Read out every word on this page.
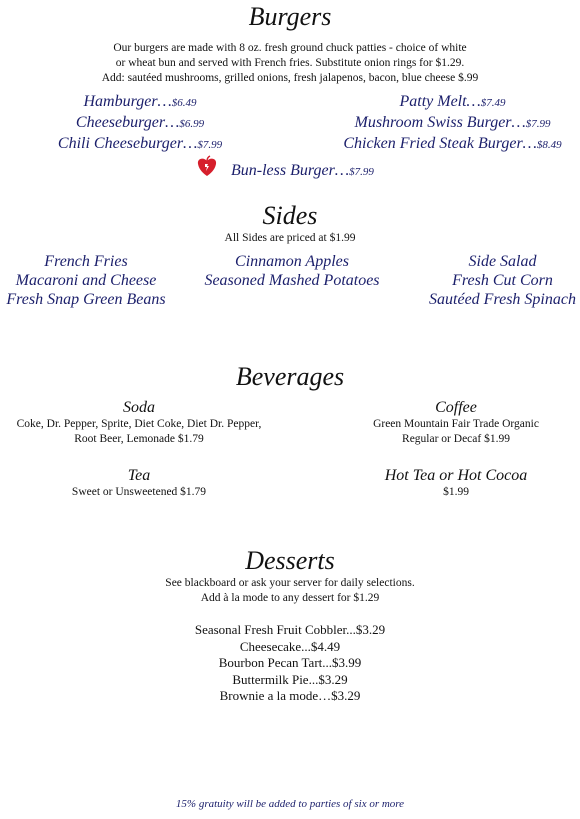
Burgers
Our burgers are made with 8 oz. fresh ground chuck patties - choice of white
or wheat bun and served with French fries. Substitute onion rings for $1.29.
Add: sautéed mushrooms, grilled onions, fresh jalapenos, bacon, blue cheese $.99
Hamburger…$6.49
Cheeseburger…$6.99
Chili Cheeseburger…$7.99
Patty Melt…$7.49
Mushroom Swiss Burger…$7.99
Chicken Fried Steak Burger…$8.49
Bun-less Burger…$7.99
Sides
All Sides are priced at $1.99
French Fries
Macaroni and Cheese
Fresh Snap Green Beans
Cinnamon Apples
Seasoned Mashed Potatoes
Side Salad
Fresh Cut Corn
Sautéed Fresh Spinach
Beverages
Soda
Coke, Dr. Pepper, Sprite, Diet Coke, Diet Dr. Pepper,
Root Beer, Lemonade $1.79
Coffee
Green Mountain Fair Trade Organic
Regular or Decaf $1.99
Tea
Sweet or Unsweetened $1.79
Hot Tea or Hot Cocoa
$1.99
Desserts
See blackboard or ask your server for daily selections.
Add à la mode to any dessert for $1.29
Seasonal Fresh Fruit Cobbler...$3.29
Cheesecake...$4.49
Bourbon Pecan Tart...$3.99
Buttermilk Pie...$3.29
Brownie a la mode…$3.29
15% gratuity will be added to parties of six or more
